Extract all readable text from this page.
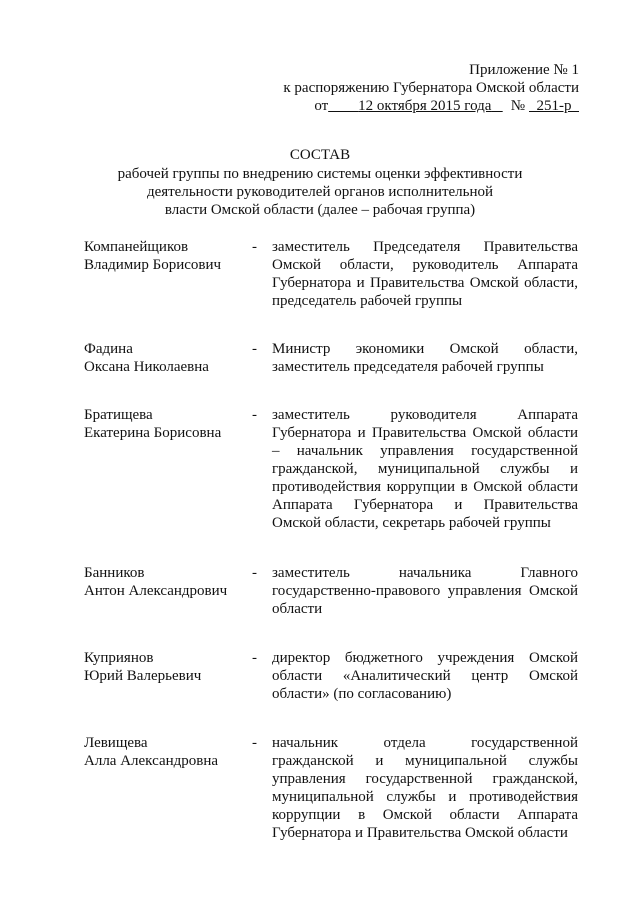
Приложение № 1
к распоряжению Губернатора Омской области
от
12 октября 2015 года
№
251-р

СОСТАВ
рабочей группы по внедрению системы оценки эффективности
деятельности руководителей органов исполнительной
власти Омской области (далее – рабочая группа)
Компанейщиков
Владимир Борисович
-	заместитель Председателя Правительства Омской области, руководитель Аппарата Губернатора и Правительства Омской области, председатель рабочей группы
Фадина
Оксана Николаевна
-	Министр экономики Омской области, заместитель председателя рабочей группы
Братищева
Екатерина Борисовна
-	заместитель руководителя Аппарата Губернатора и Правительства Омской области – начальник управления государственной гражданской, муниципальной службы и противодействия коррупции в Омской области Аппарата Губернатора и Правительства Омской области, секретарь рабочей группы
Банников
Антон Александрович
-	заместитель начальника Главного государственно-правового управления Омской области
Куприянов
Юрий Валерьевич
-	директор бюджетного учреждения Омской области «Аналитический центр Омской области» (по согласованию)
Левищева
Алла Александровна
-	начальник отдела государственной гражданской и муниципальной службы управления государственной гражданской, муниципальной службы и противодействия коррупции в Омской области Аппарата Губернатора и Правительства Омской области
